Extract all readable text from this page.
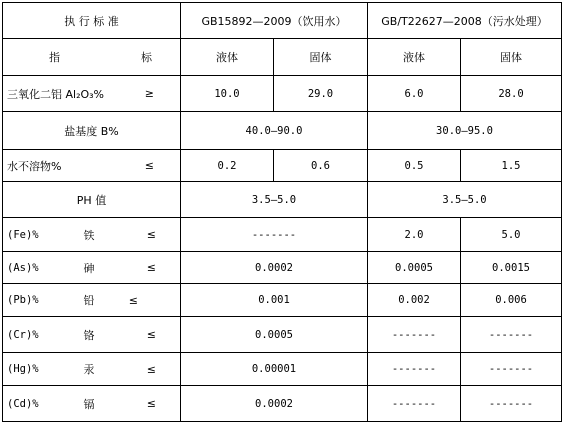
执 行 标 准	GB15892—2009（饮用水）		GB/T22627—2008（污水处理）	

指 标	液体	固体	液体	固体

三氧化二铝 Al₂O₃% ≥	10.0	29.0	6.0	28.0
盐基度 B%	40.0—90.0		30.0—95.0	

水不溶物% ≤	0.2	0.6	0.5	1.5
PH 值	3.5—5.0		3.5—5.0	

(Fe)% 铁 ≤	-------		2.0	5.0

(As)% 砷 ≤	0.0002		0.0005	0.0015

(Pb)% 铅 ≤	0.001		0.002	0.006

(Cr)% 铬 ≤	0.0005		-------	-------

(Hg)% 汞 ≤	0.00001		-------	-------

(Cd)% 镉 ≤	0.0002		-------	-------
